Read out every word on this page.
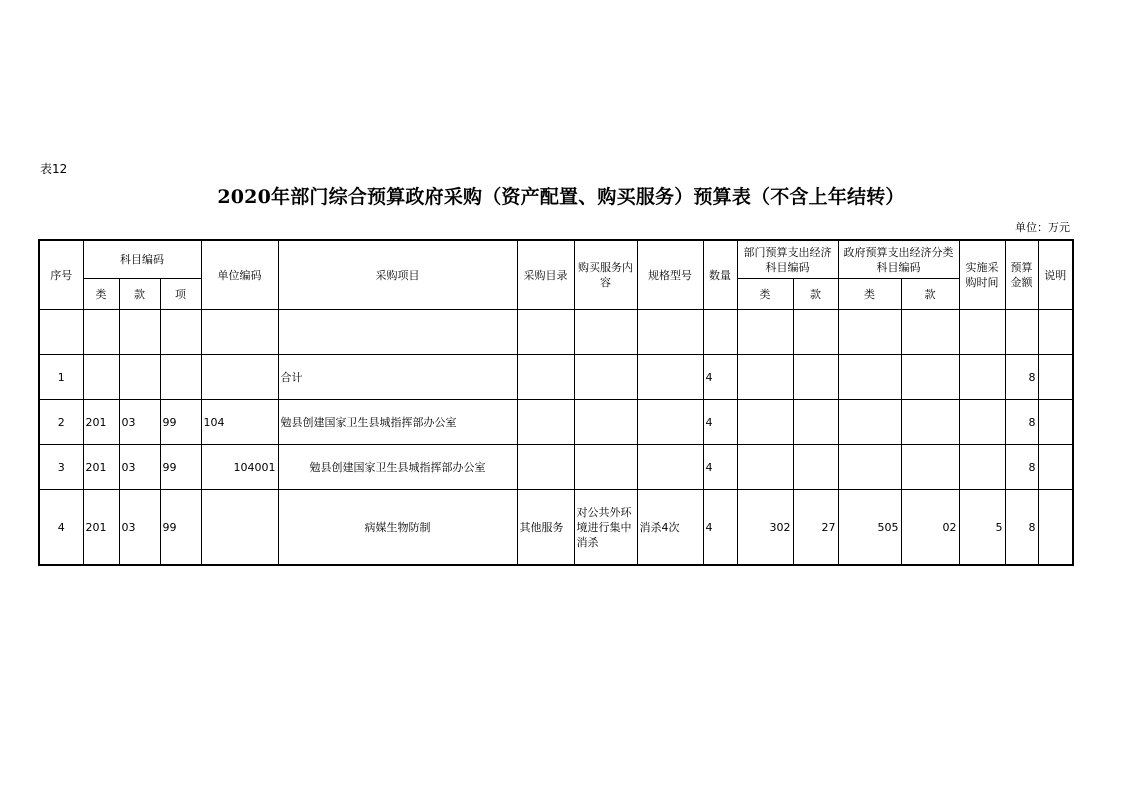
表12
2020年部门综合预算政府采购（资产配置、购买服务）预算表（不含上年结转）
单位：万元
序号	科目编码			单位编码	采购项目	采购目录	购买服务内容	规格型号	数量	部门预算支出经济科目编码		政府预算支出经济分类科目编码		实施采购时间	预算金额	说明
	类	款	项							类	款	类	款			

1					合计				4						8	
2	201	03	99	104	勉县创建国家卫生县城指挥部办公室				4						8	
3	201	03	99	104001	勉县创建国家卫生县城指挥部办公室				4						8	
4	201	03	99		病媒生物防制	其他服务	对公共外环境进行集中消杀	消杀4次	4	302	27	505	02	5	8	
